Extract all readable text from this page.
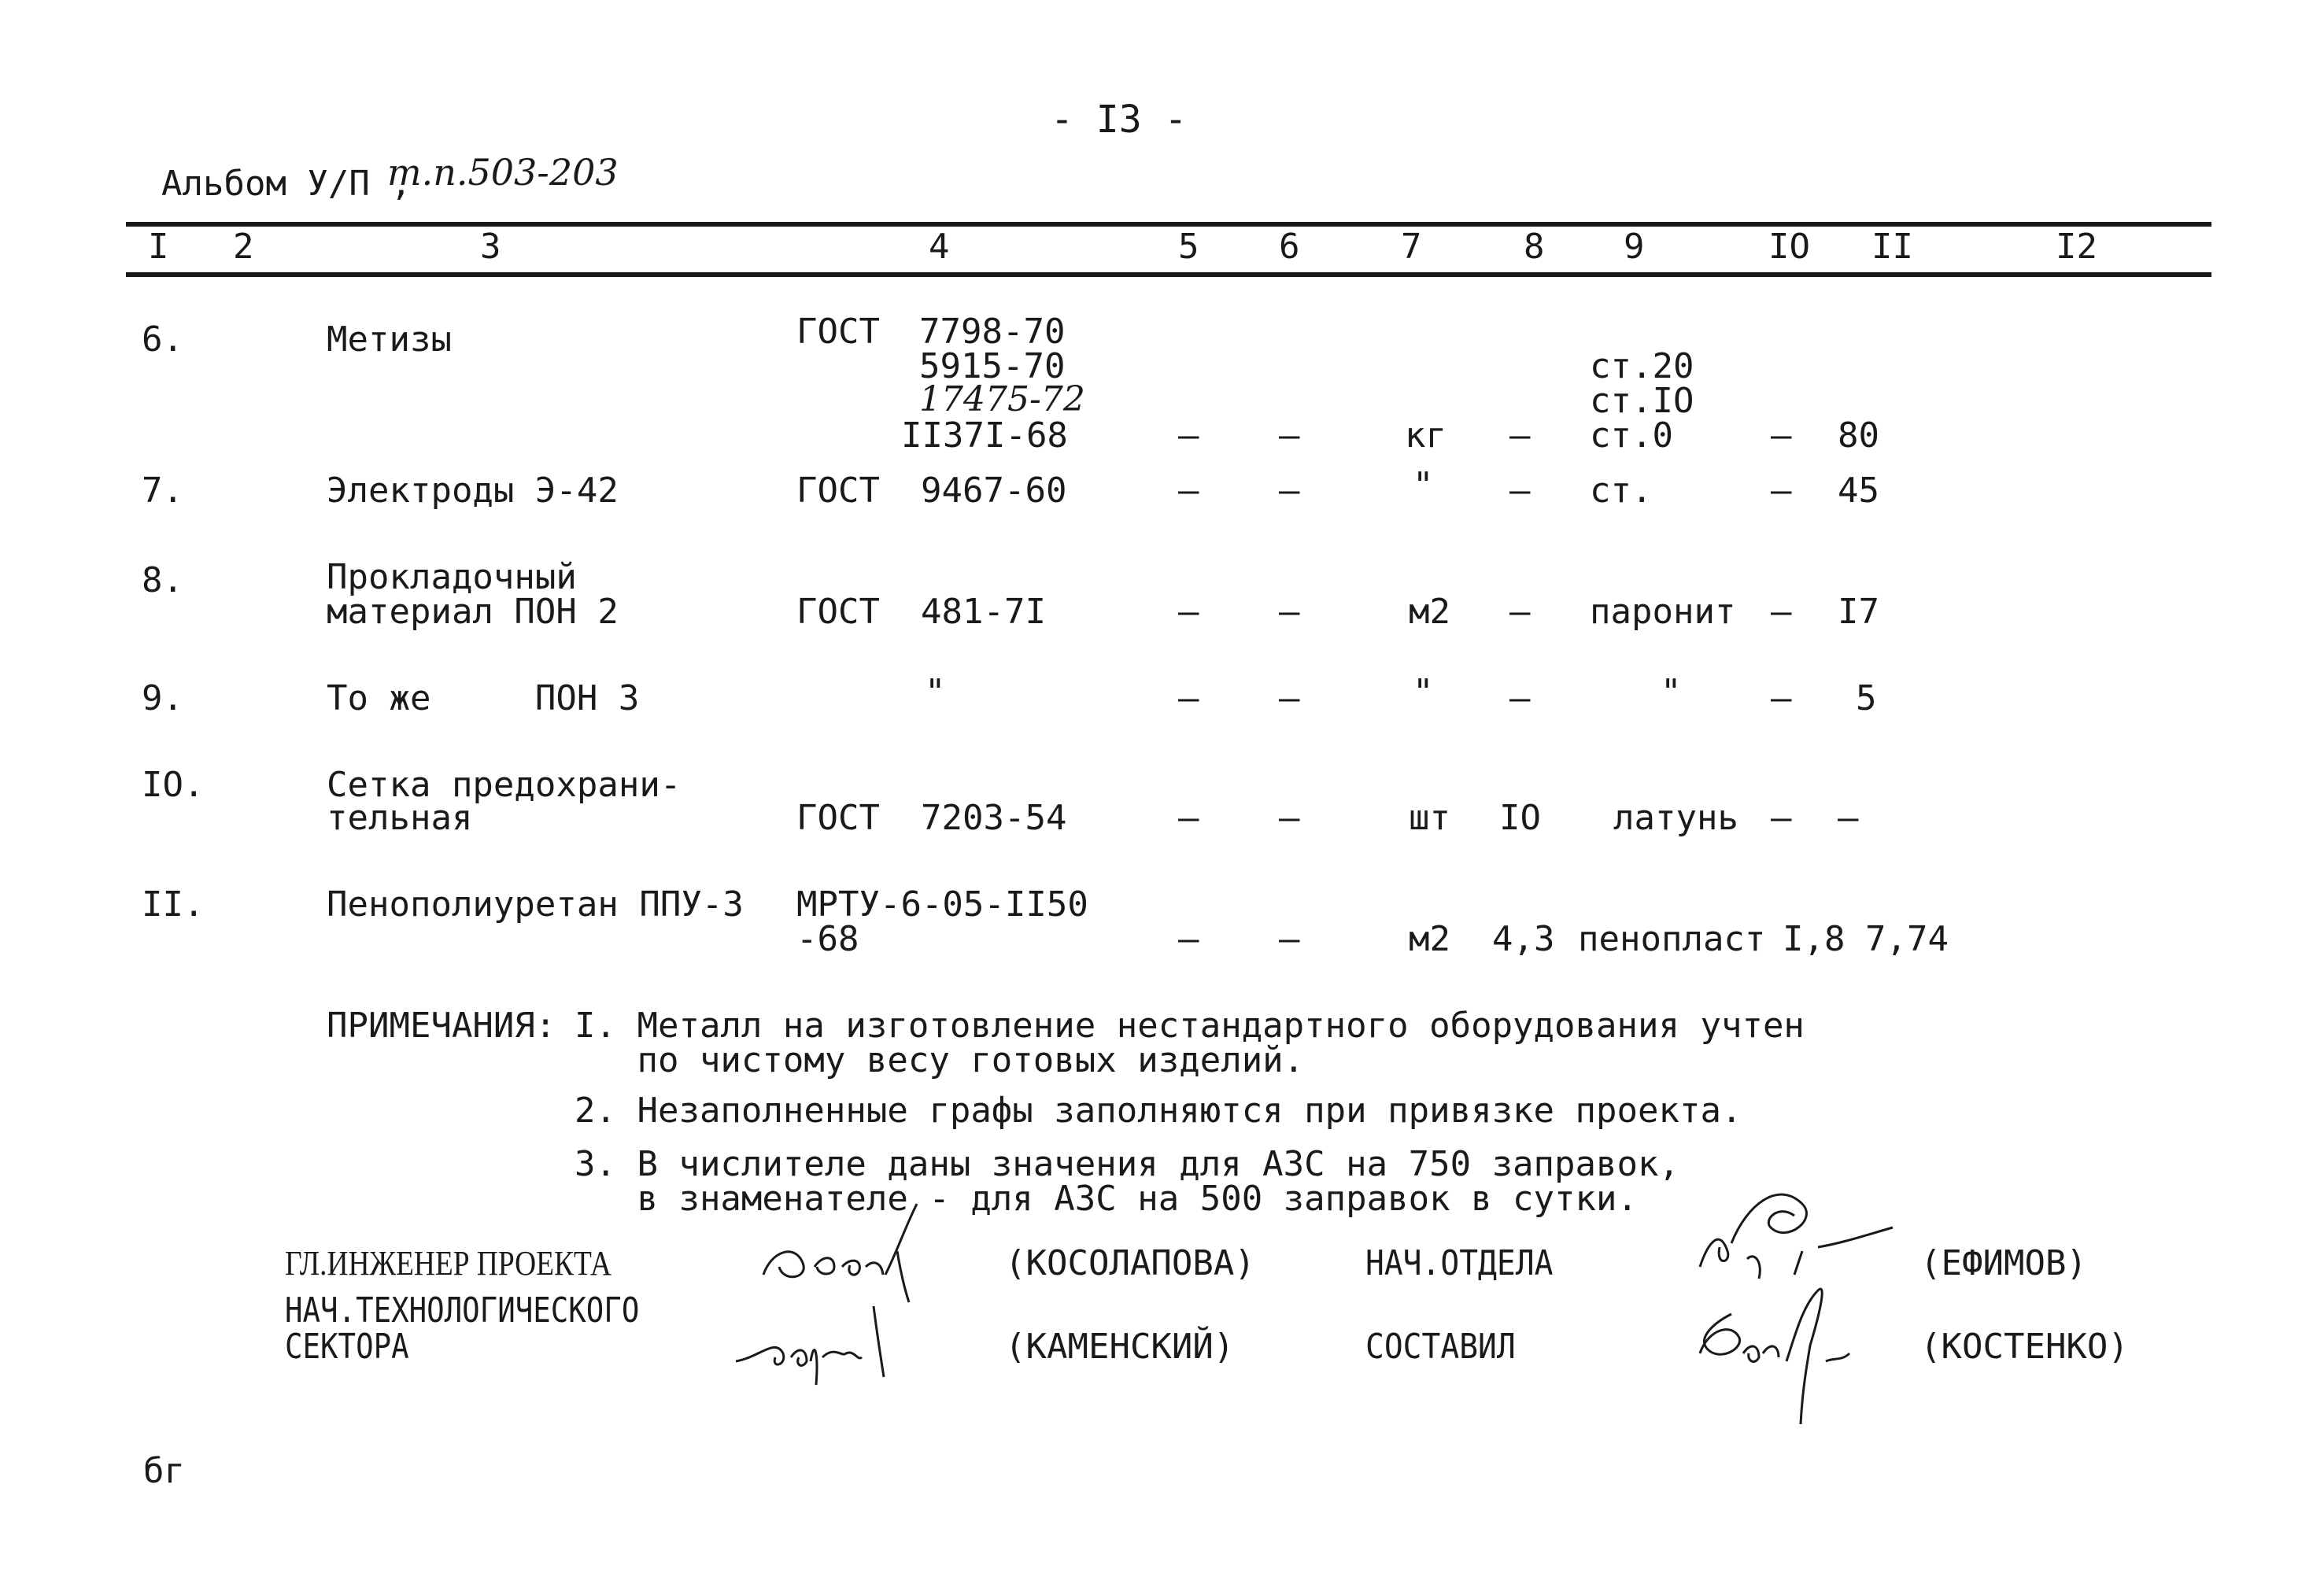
- I3 -
Альбом У/П ,
т.п.503-203
I 2	3	4	5 6	7	8 9	IO II	I2
6.	Метизы	ГОСТ 7798-70
5915-70
17475-72
II37I-68	– –	кг –
ст.20
ст.IO
ст.0	– 80
7.	Электроды Э-42	ГОСТ 9467-60	– –	" – ст.	– 45
8.	Прокладочный
материал ПОН 2	ГОСТ 481-7I	– –	м2 – паронит – I7
9.	То же     ПОН 3	"	– –	" –	"	– 5
IO.	Сетка предохрани-
тельная	ГОСТ 7203-54	– –	шт IO латунь – –
II.	Пенополиуретан ППУ-3 МРТУ-6-05-II50
-68	– –	м2 4,3 пенопласт I,8 7,74
ПРИМЕЧАНИЯ: I. Металл на изготовление нестандартного оборудования учтен
по чистому весу готовых изделий.
2. Незаполненные графы заполняются при привязке проекта.
3. В числителе даны значения для АЗС на 750 заправок,
в знаменателе - для АЗС на 500 заправок в сутки.
ГЛ.ИНЖЕНЕР ПРОЕКТА	(КОСОЛАПОВА)
НАЧ.ТЕХНОЛОГИЧЕСКОГО
СЕКТОРА	(КАМЕНСКИЙ)
НАЧ.ОТДЕЛА	(ЕФИМОВ)
СОСТАВИЛ	(КОСТЕНКО)
бг
